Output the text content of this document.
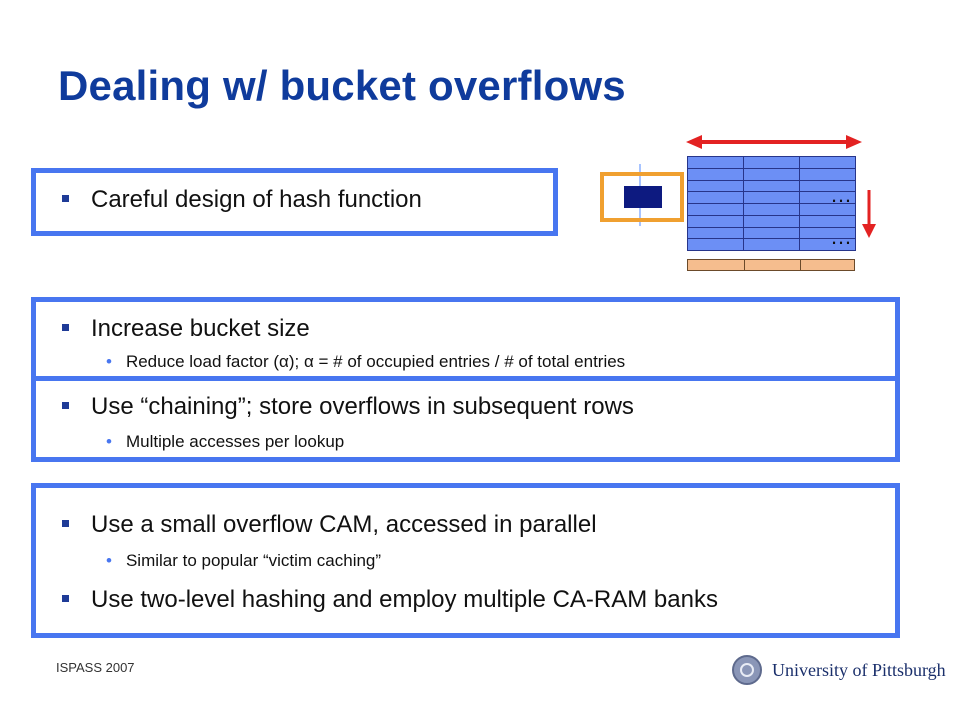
Dealing w/ bucket overflows
Careful design of hash function
Increase bucket size
• Reduce load factor (α); α = # of occupied entries / # of total entries
Use “chaining”; store overflows in subsequent rows
• Multiple accesses per lookup
Use a small overflow CAM, accessed in parallel
• Similar to popular “victim caching”
Use two-level hashing and employ multiple CA-RAM banks
…
…
ISPASS 2007	University of Pittsburgh
